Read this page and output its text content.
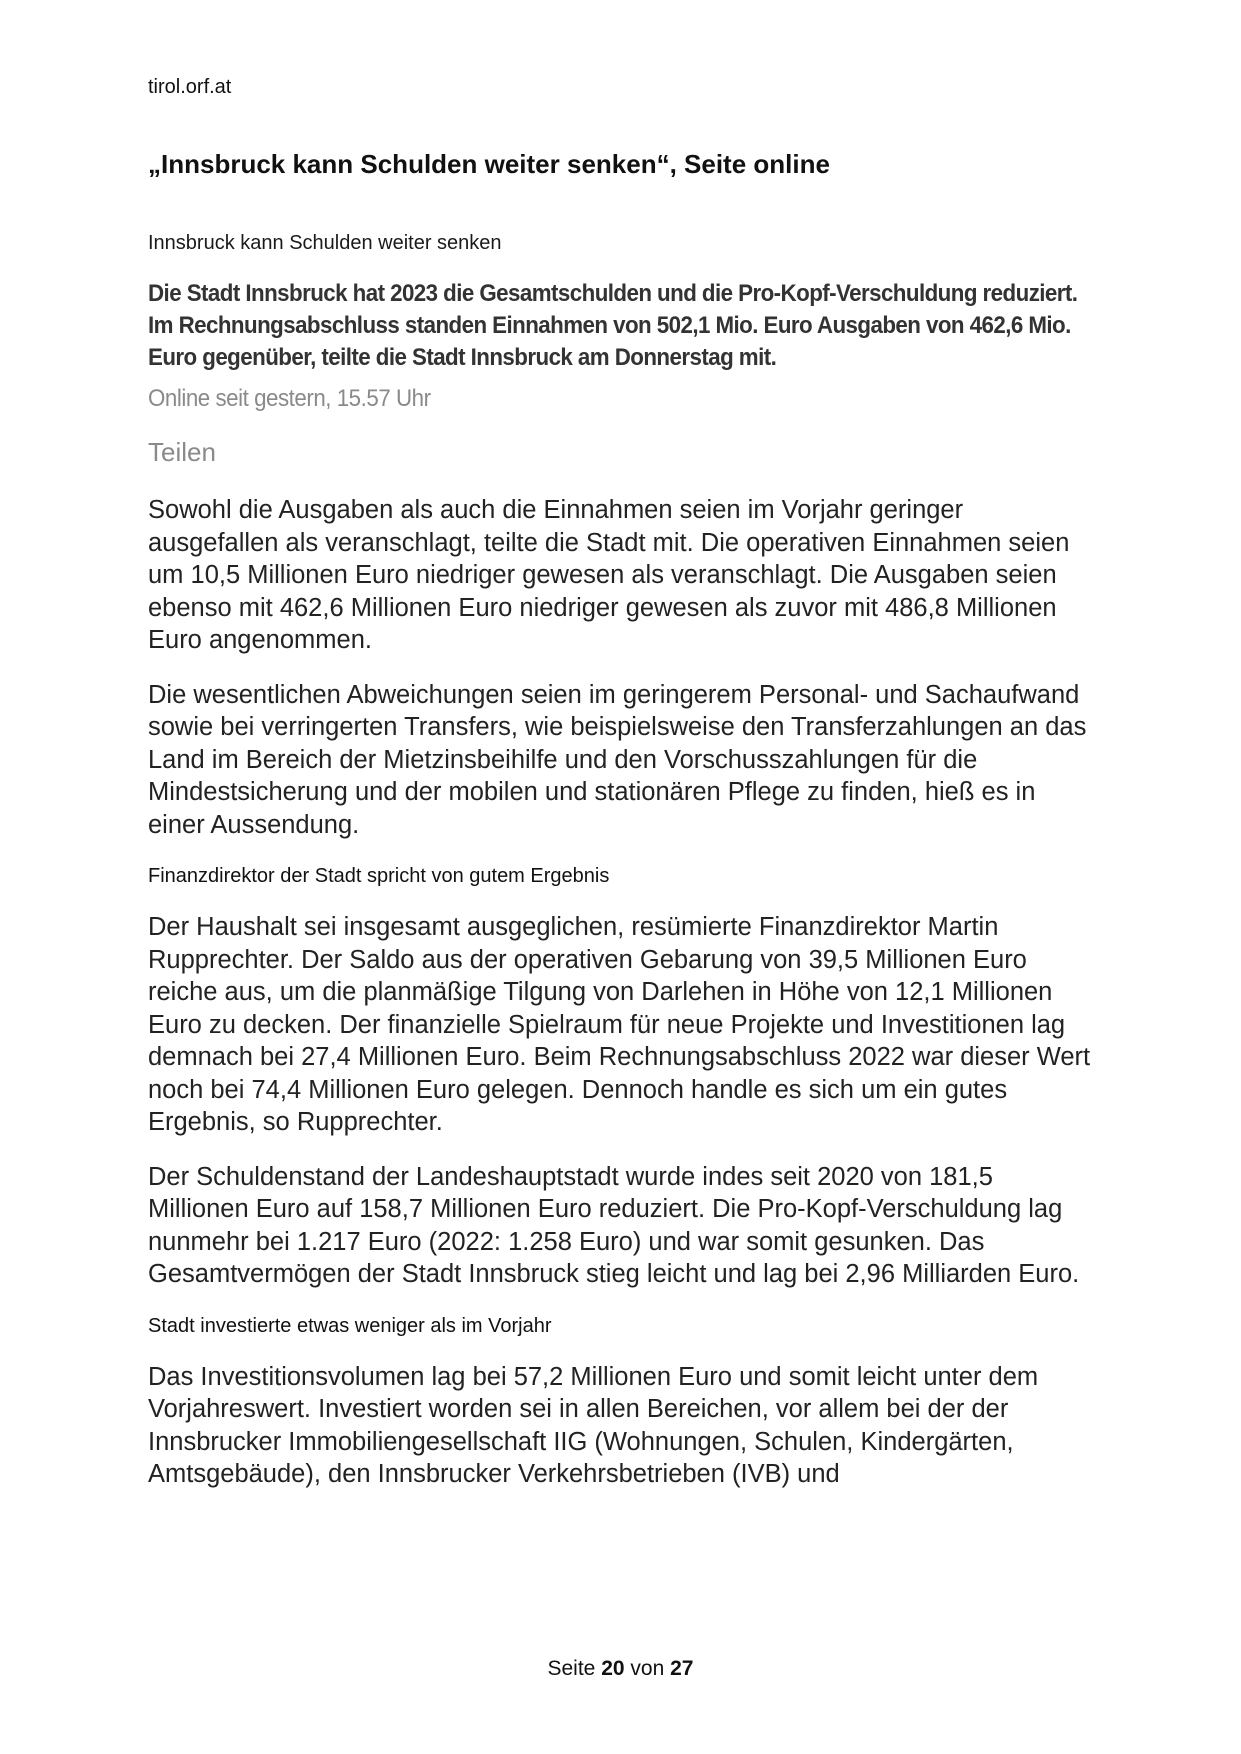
tirol.orf.at
„Innsbruck kann Schulden weiter senken“, Seite online
Innsbruck kann Schulden weiter senken
Die Stadt Innsbruck hat 2023 die Gesamtschulden und die Pro-Kopf-Verschuldung reduziert. Im Rechnungsabschluss standen Einnahmen von 502,1 Mio. Euro Ausgaben von 462,6 Mio. Euro gegenüber, teilte die Stadt Innsbruck am Donnerstag mit.
Online seit gestern, 15.57 Uhr
Teilen
Sowohl die Ausgaben als auch die Einnahmen seien im Vorjahr geringer ausgefallen als veranschlagt, teilte die Stadt mit. Die operativen Einnahmen seien um 10,5 Millionen Euro niedriger gewesen als veranschlagt. Die Ausgaben seien ebenso mit 462,6 Millionen Euro niedriger gewesen als zuvor mit 486,8 Millionen Euro angenommen.
Die wesentlichen Abweichungen seien im geringerem Personal- und Sachaufwand sowie bei verringerten Transfers, wie beispielsweise den Transferzahlungen an das Land im Bereich der Mietzinsbeihilfe und den Vorschusszahlungen für die Mindestsicherung und der mobilen und stationären Pflege zu finden, hieß es in einer Aussendung.
Finanzdirektor der Stadt spricht von gutem Ergebnis
Der Haushalt sei insgesamt ausgeglichen, resümierte Finanzdirektor Martin Rupprechter. Der Saldo aus der operativen Gebarung von 39,5 Millionen Euro reiche aus, um die planmäßige Tilgung von Darlehen in Höhe von 12,1 Millionen Euro zu decken. Der finanzielle Spielraum für neue Projekte und Investitionen lag demnach bei 27,4 Millionen Euro. Beim Rechnungsabschluss 2022 war dieser Wert noch bei 74,4 Millionen Euro gelegen. Dennoch handle es sich um ein gutes Ergebnis, so Rupprechter.
Der Schuldenstand der Landeshauptstadt wurde indes seit 2020 von 181,5 Millionen Euro auf 158,7 Millionen Euro reduziert. Die Pro-Kopf-Verschuldung lag nunmehr bei 1.217 Euro (2022: 1.258 Euro) und war somit gesunken. Das Gesamtvermögen der Stadt Innsbruck stieg leicht und lag bei 2,96 Milliarden Euro.
Stadt investierte etwas weniger als im Vorjahr
Das Investitionsvolumen lag bei 57,2 Millionen Euro und somit leicht unter dem Vorjahreswert. Investiert worden sei in allen Bereichen, vor allem bei der der Innsbrucker Immobiliengesellschaft IIG (Wohnungen, Schulen, Kindergärten, Amtsgebäude), den Innsbrucker Verkehrsbetrieben (IVB) und
Seite 20 von 27
